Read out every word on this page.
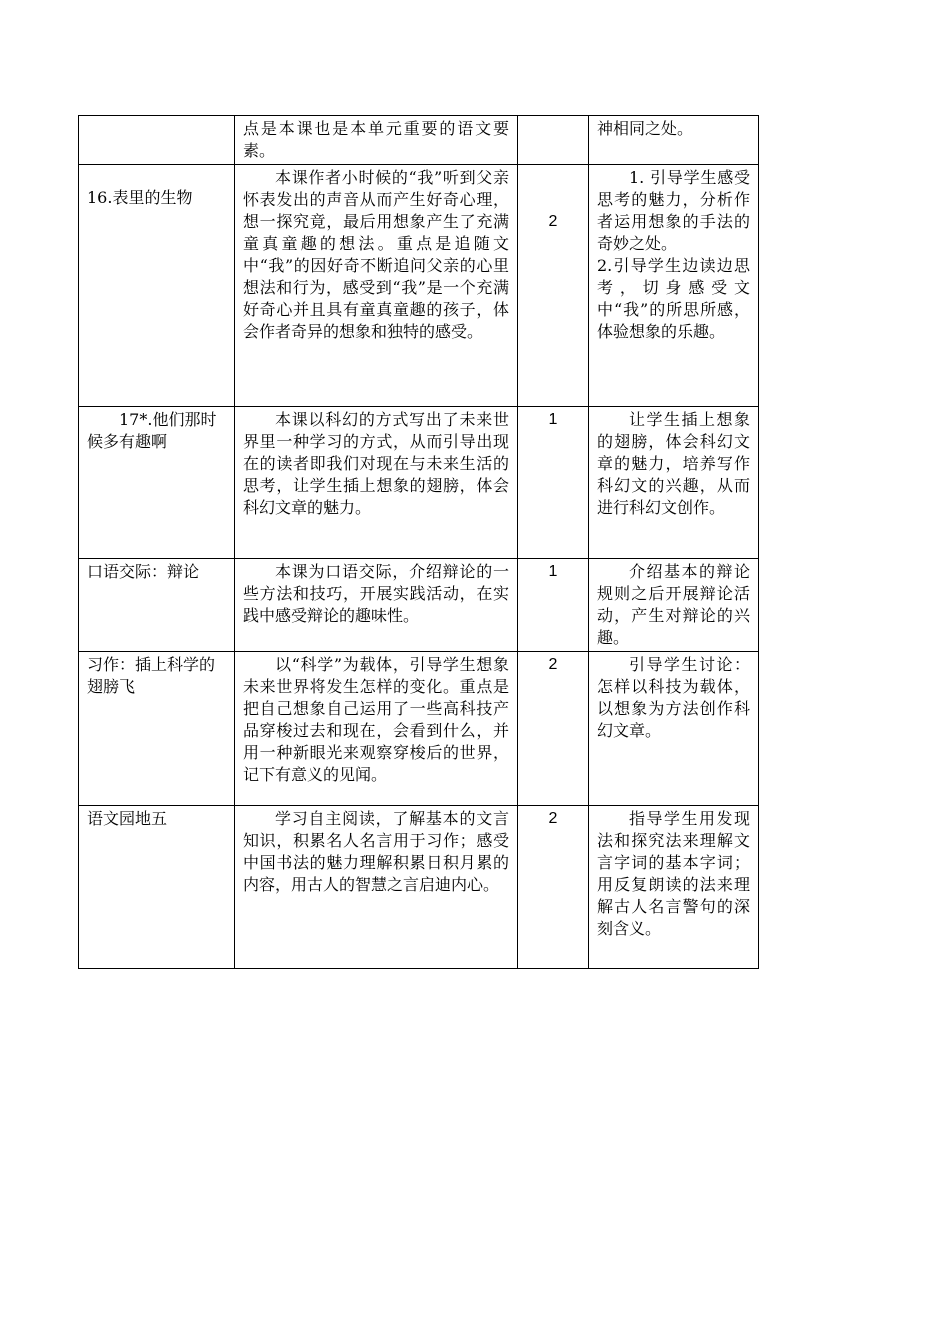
	点是本课也是本单元重要的语文要素。		神相同之处。

16.表里的生物	本课作者小时候的“我”听到父亲怀表发出的声音从而产生好奇心理，想一探究竟，最后用想象产生了充满童真童趣的想法。重点是追随文中“我”的因好奇不断追问父亲的心里想法和行为，感受到“我”是一个充满好奇心并且具有童真童趣的孩子，体会作者奇异的想象和独特的感受。	2	1. 引导学生感受思考的魅力，分析作者运用想象的手法的奇妙之处。

2.引导学生边读边思考，切身感受文中“我”的所思所感，体验想象的乐趣。

17*.他们那时候多有趣啊	本课以科幻的方式写出了未来世界里一种学习的方式，从而引导出现在的读者即我们对现在与未来生活的思考，让学生插上想象的翅膀，体会科幻文章的魅力。	1	让学生插上想象的翅膀，体会科幻文章的魅力，培养写作科幻文的兴趣，从而进行科幻文创作。

口语交际：辩论	本课为口语交际，介绍辩论的一些方法和技巧，开展实践活动，在实践中感受辩论的趣味性。	1	介绍基本的辩论规则之后开展辩论活动，产生对辩论的兴趣。

习作：插上科学的翅膀飞	以“科学”为载体，引导学生想象未来世界将发生怎样的变化。重点是把自己想象自己运用了一些高科技产品穿梭过去和现在，会看到什么，并用一种新眼光来观察穿梭后的世界，记下有意义的见闻。	2	引导学生讨论：怎样以科技为载体，以想象为方法创作科幻文章。

语文园地五	学习自主阅读，了解基本的文言知识，积累名人名言用于习作；感受中国书法的魅力理解积累日积月累的内容，用古人的智慧之言启迪内心。	2	指导学生用发现法和探究法来理解文言字词的基本字词；用反复朗读的法来理解古人名言警句的深刻含义。
